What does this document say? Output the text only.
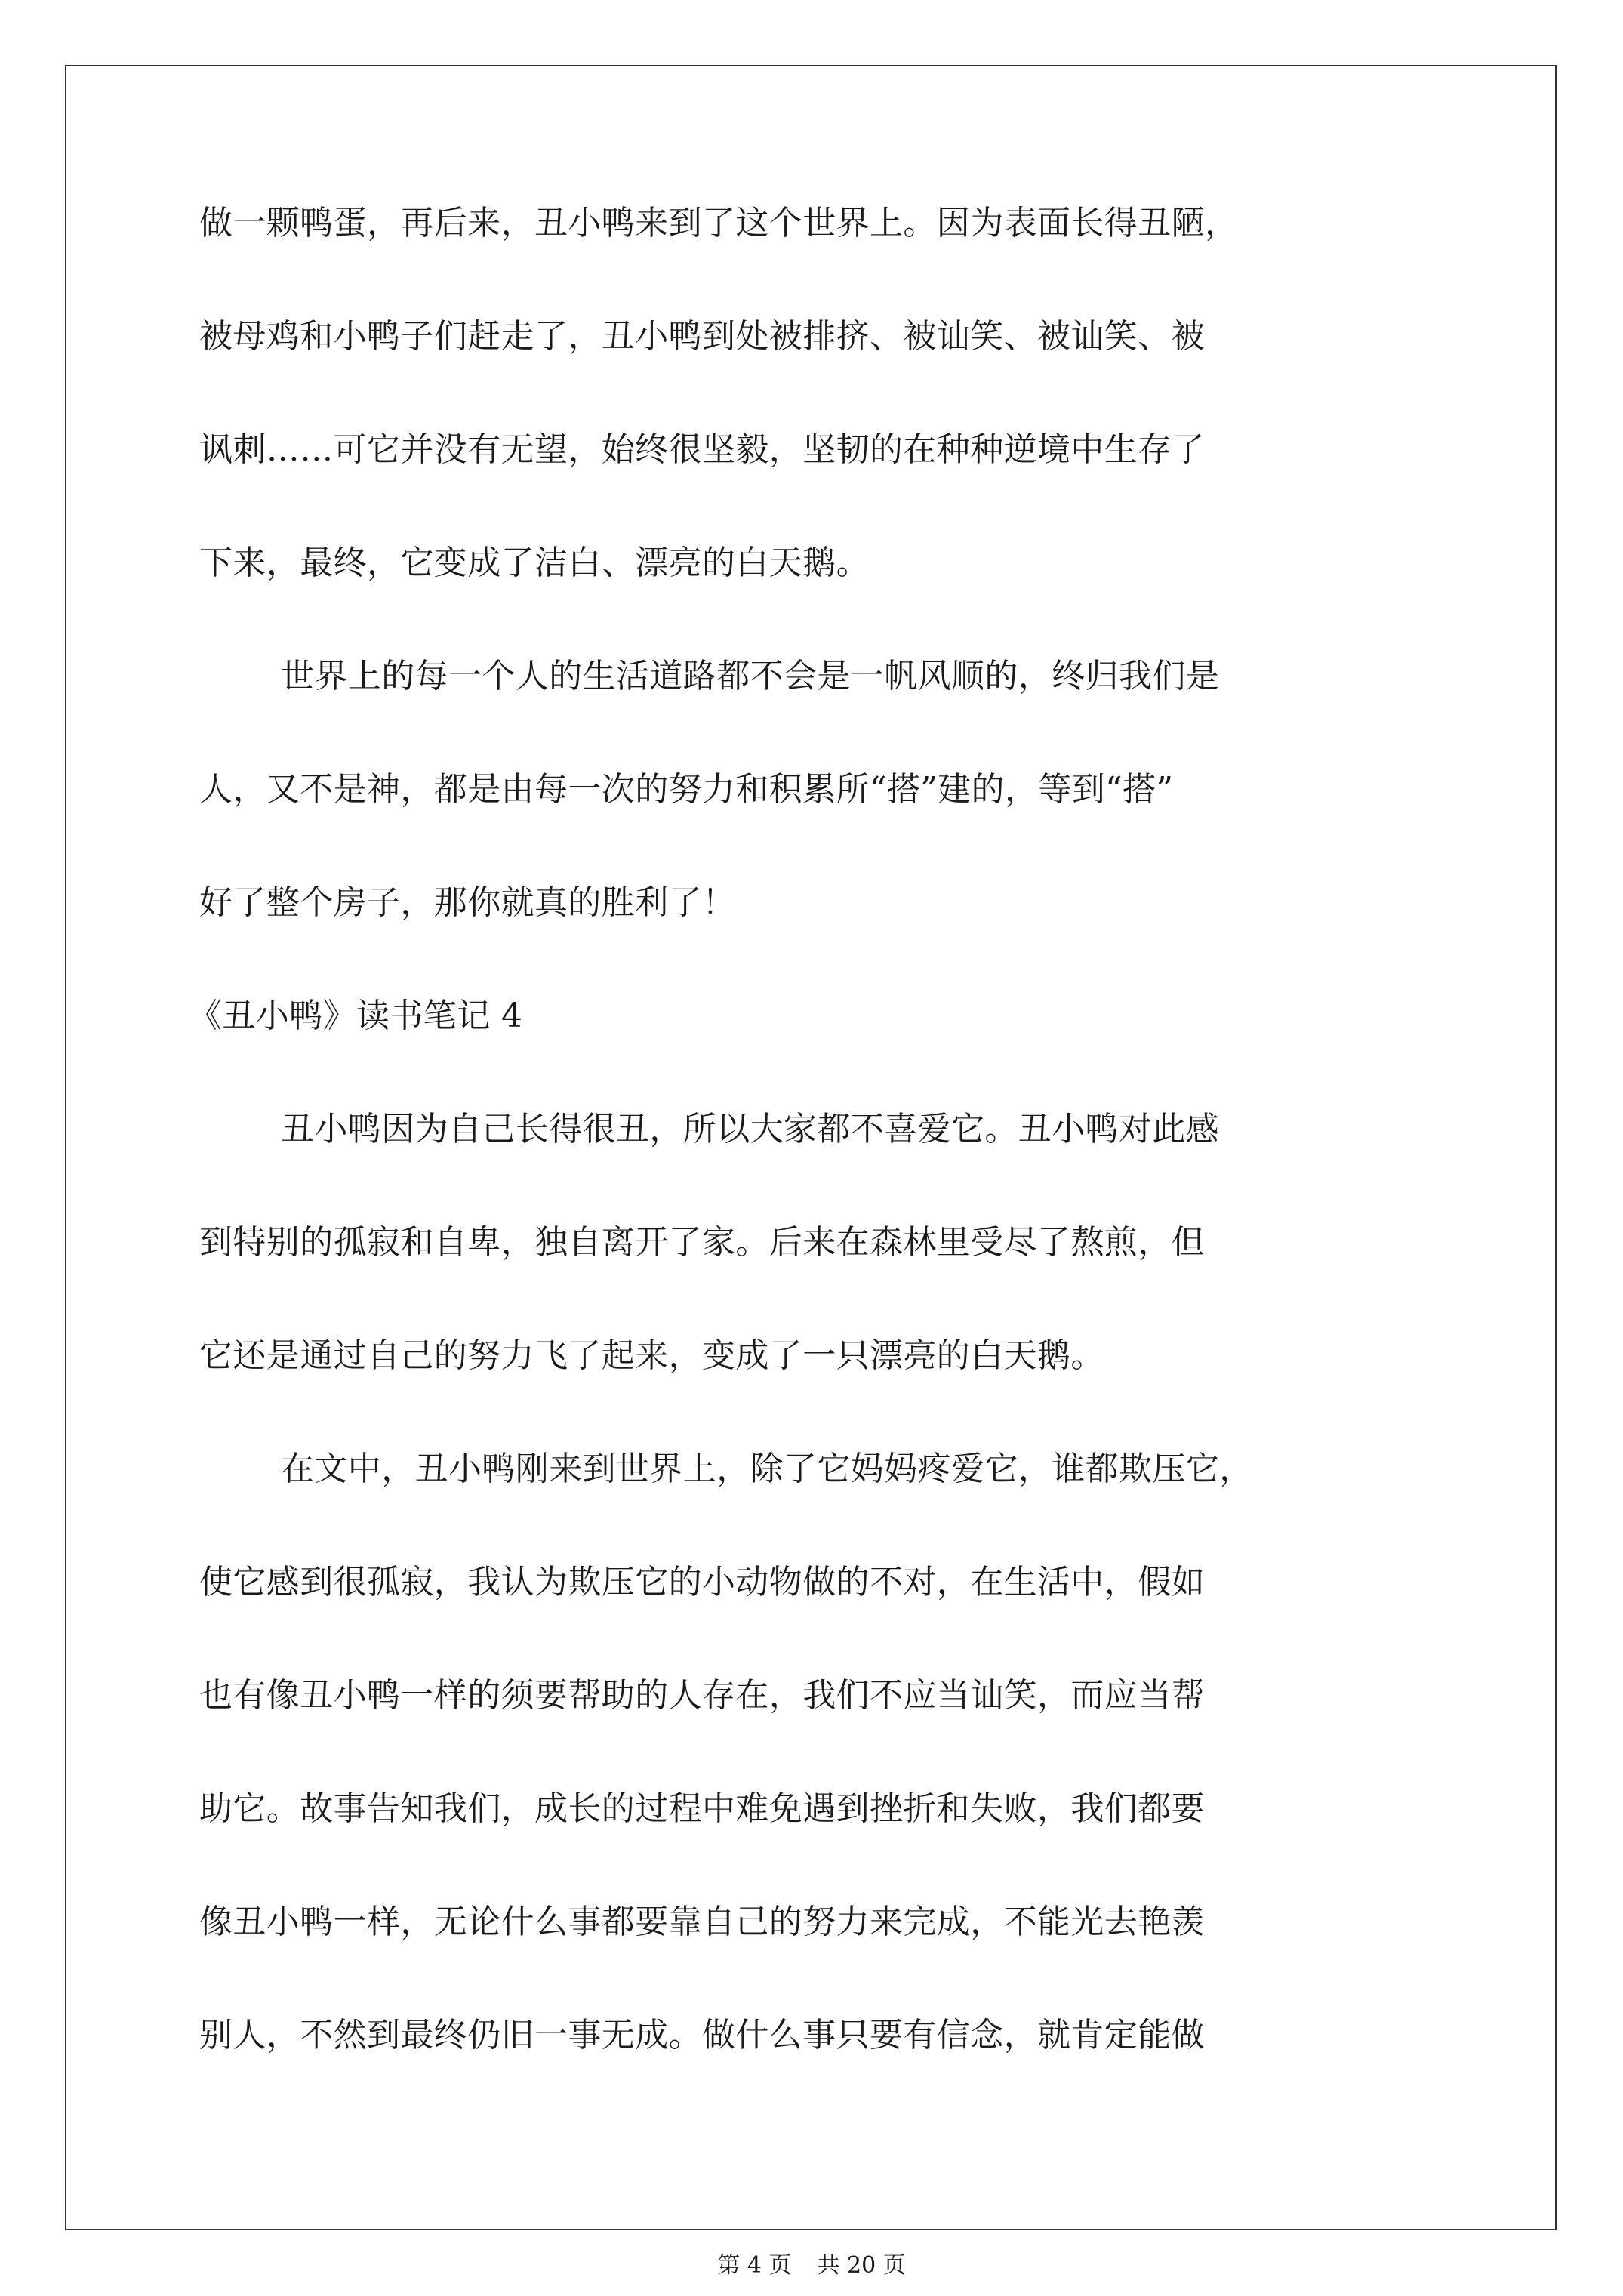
做一颗鸭蛋，再后来，丑小鸭来到了这个世界上。因为表面长得丑陋，
被母鸡和小鸭子们赶走了，丑小鸭到处被排挤、被讪笑、被讪笑、被
讽刺……可它并没有无望，始终很坚毅，坚韧的在种种逆境中生存了
下来，最终，它变成了洁白、漂亮的白天鹅。
世界上的每一个人的生活道路都不会是一帆风顺的，终归我们是
人，又不是神，都是由每一次的努力和积累所“搭”建的，等到“搭”
好了整个房子，那你就真的胜利了！
《丑小鸭》读书笔记 4
丑小鸭因为自己长得很丑，所以大家都不喜爱它。丑小鸭对此感
到特别的孤寂和自卑，独自离开了家。后来在森林里受尽了熬煎，但
它还是通过自己的努力飞了起来，变成了一只漂亮的白天鹅。
在文中，丑小鸭刚来到世界上，除了它妈妈疼爱它，谁都欺压它，
使它感到很孤寂，我认为欺压它的小动物做的不对，在生活中，假如
也有像丑小鸭一样的须要帮助的人存在，我们不应当讪笑，而应当帮
助它。故事告知我们，成长的过程中难免遇到挫折和失败，我们都要
像丑小鸭一样，无论什么事都要靠自己的努力来完成，不能光去艳羡
别人，不然到最终仍旧一事无成。做什么事只要有信念，就肯定能做
第 4 页 共 20 页
